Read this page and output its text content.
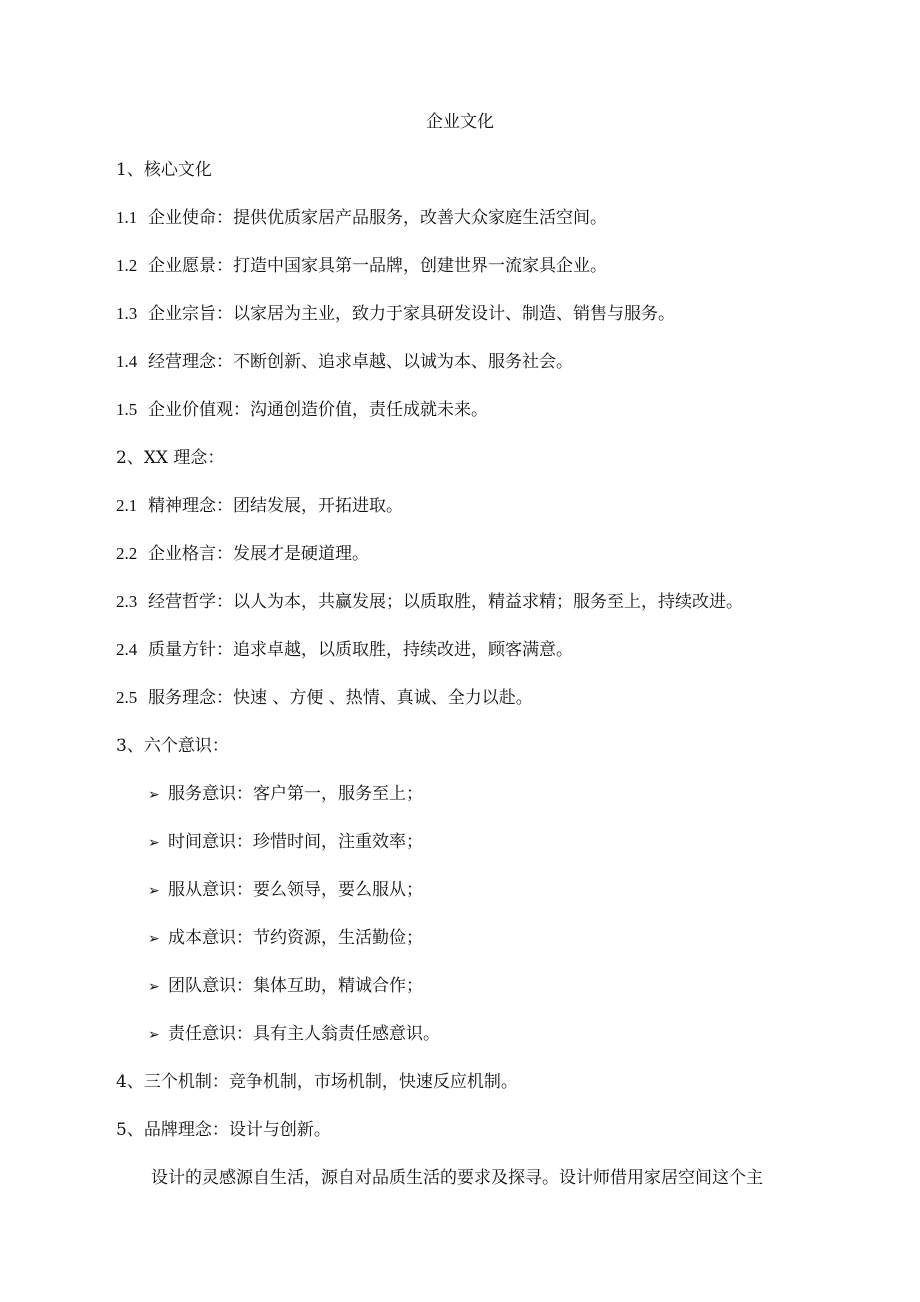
企业文化
1、核心文化
1.1 企业使命：提供优质家居产品服务，改善大众家庭生活空间。
1.2 企业愿景：打造中国家具第一品牌，创建世界一流家具企业。
1.3 企业宗旨：以家居为主业，致力于家具研发设计、制造、销售与服务。
1.4 经营理念：不断创新、追求卓越、以诚为本、服务社会。
1.5 企业价值观：沟通创造价值，责任成就未来。
2、XX 理念：
2.1 精神理念：团结发展，开拓进取。
2.2 企业格言：发展才是硬道理。
2.3 经营哲学：以人为本，共赢发展；以质取胜，精益求精；服务至上，持续改进。
2.4 质量方针：追求卓越，以质取胜，持续改进，顾客满意。
2.5 服务理念：快速 、方便 、热情、真诚、全力以赴。
3、六个意识：
➢ 服务意识：客户第一，服务至上；
➢ 时间意识：珍惜时间，注重效率；
➢ 服从意识：要么领导，要么服从；
➢ 成本意识：节约资源，生活勤俭；
➢ 团队意识：集体互助，精诚合作；
➢ 责任意识：具有主人翁责任感意识。
4、三个机制：竞争机制，市场机制，快速反应机制。
5、品牌理念：设计与创新。
设计的灵感源自生活，源自对品质生活的要求及探寻。设计师借用家居空间这个主
